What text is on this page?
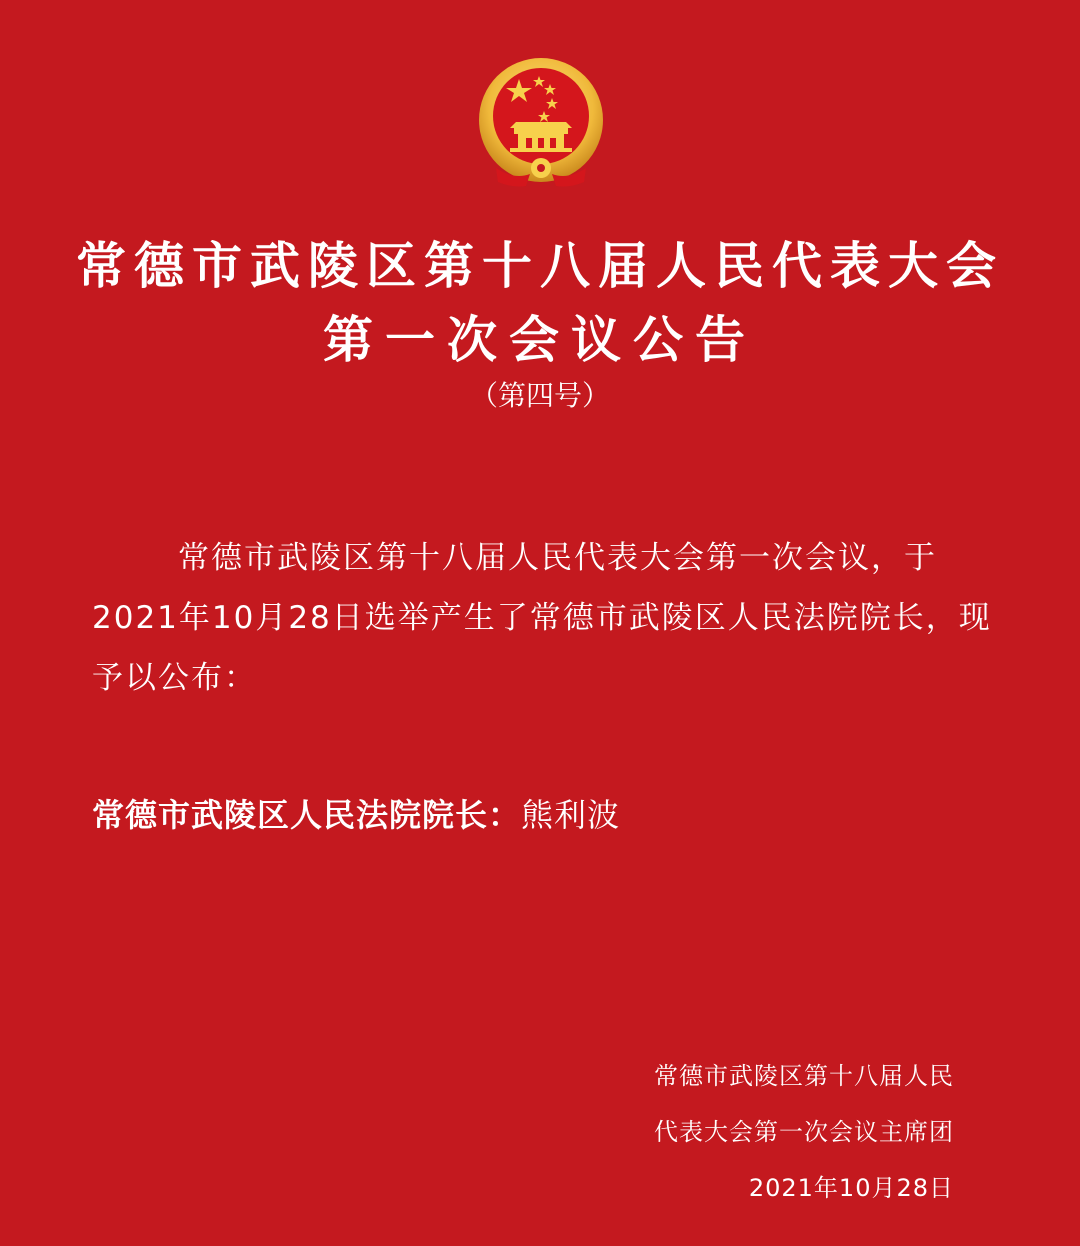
常德市武陵区第十八届人民代表大会
第一次会议公告
（第四号）

常德市武陵区第十八届人民代表大会第一次会议，于2021年10月28日选举产生了常德市武陵区人民法院院长，现予以公布：

常德市武陵区人民法院院长：熊利波
常德市武陵区第十八届人民
代表大会第一次会议主席团
2021年10月28日
